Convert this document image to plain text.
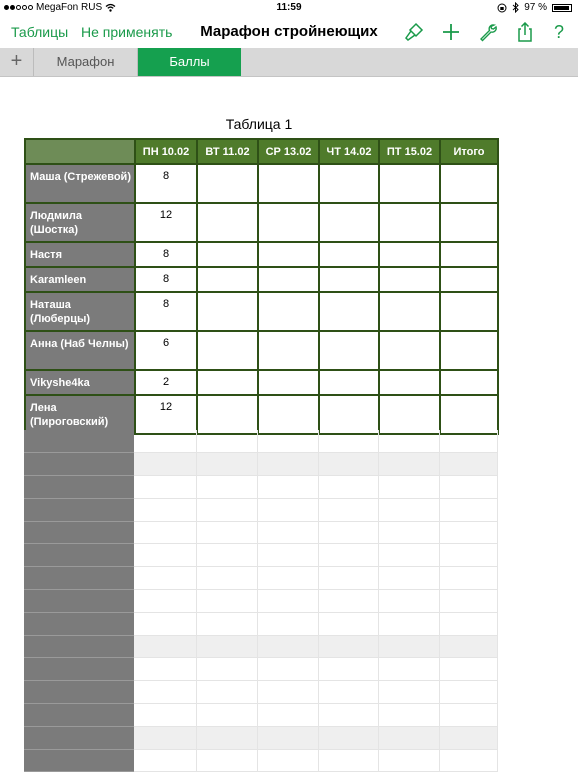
MegaFon RUS	11:59	97 %
Таблицы Не применять	Марафон стройнеющих	?
+	Марафон	Баллы
Таблица 1
	ПН 10.02	ВТ 11.02	СР 13.02	ЧТ 14.02	ПТ 15.02	Итого
Маша (Стрежевой)	8					
Людмила (Шостка)	12					
Настя	8					
Karamleen	8					
Наташа (Люберцы)	8					
Анна (Наб Челны)	6					
Vikyshe4ka	2					
Лена (Пироговский)	12					
